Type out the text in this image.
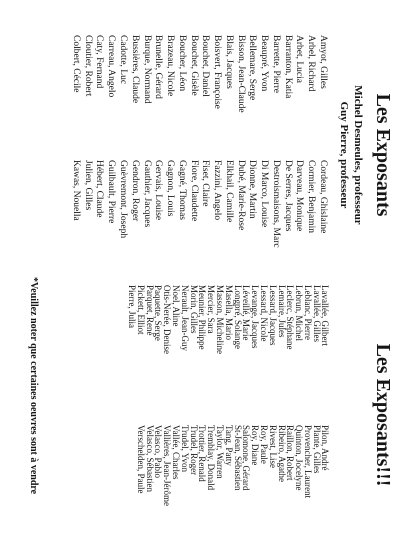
Les Exposants
Michel Desmeules, professeur
Guy Pierre, professeur
Amyot, Gilles
Arbel, Richard
Arbet, Lucia
Barranton, Katia
Barrette, Pierre
Beaupré, Yvon
Bellemare, Serge
Bisson, Jean-Claude
Blais, Jacques
Boisvert, Françoise
Bouchet, Daniel
Bouchet, Gisèle
Boucher, Léon
Brazeau, Nicole
Brunelle, Gérard
Burque, Normand
Bussières, Claude
Cadotte, Luc
Carreau, Angelo
Caty, Fernand
Cloutier, Robert
Colbert, Cécile
Cordeau, Ghislaine
Cormier, Benjamin
Darveau, Monique
De Serres, Jacques
Destroismaisons, Marc
Di Marco, Louise
Dionne, Martin
Dubé, Marie-Rose
Elkhail, Camille
Fazzini, Angelo
Fiset, Claire
Fiore, Claudette
Gagné, Thomas
Gagnon, Louis
Gervais, Louise
Gauthier, Jacques
Gendron, Roger
Guèvremont, Joseph
Guilbault, Pierre
Hébert, Claude
Julien, Gilles
Kawas, Nouella
Les Exposants!!!
Lavallée, Gilbert
Lavallée, Gilles
Leblanc, Pierre
Lebrun, Michel
Leclerc, Stéphane
Lemaire, Jules
Lessard, Jacques
Lessard, Nicole
Levange, Jacques
Léveillé, Marie
Longpré, Solange
Masella, Mario
Masson, Micheline
Mercier, Sara
Meunier, Philippe
Morin, Gilles
Nerault, Jean-Guy
Noel, Aline
Otis-Nerée, Denise
Paquette, Serge
Parquet, René
Pickett, Elliot
Pierre, Julia
Pilon, André
Plante, Gilles
Provencher, Laurent
Quinton, Jocelyne
Raillon, Robert
Ribeiro, Agathe
Rivest, Lise
Roy, Paule
Roy, Diane
Salomone, Gérard
St-Jean, Sébastien
Tang, Patty
Taylor, Warren
Tremblay, Donald
Trottier, Renald
Trudel, Roger
Trudel, Yvon
Vallée, Charles
Vallières, Jean-Jérôme
Velasco, Pablo
Velasco, Sébastien
Verschelden, Paule
*Veuillez noter que certaines oeuvres sont à vendre
